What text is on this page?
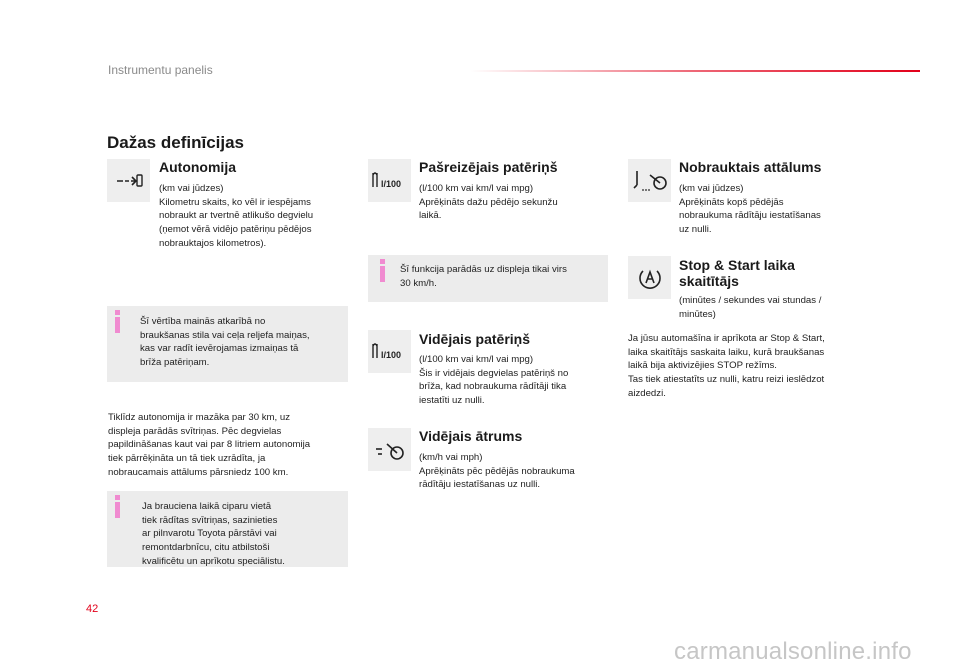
Instrumentu panelis
Dažas definīcijas
Autonomija
(km vai jūdzes)
Kilometru skaits, ko vēl ir iespējams
nobraukt ar tvertnē atlikušo degvielu
(ņemot vērā vidējo patēriņu pēdējos
nobrauktajos kilometros).
Šī vērtība mainās atkarībā no
braukšanas stila vai ceļa reljefa maiņas,
kas var radīt ievērojamas izmaiņas tā
brīža patēriņam.
Tiklīdz autonomija ir mazāka par 30 km, uz
displeja parādās svītriņas. Pēc degvielas
papildināšanas kaut vai par 8 litriem autonomija
tiek pārrēķināta un tā tiek uzrādīta, ja
nobraucamais attālums pārsniedz 100 km.
Ja brauciena laikā ciparu vietā
tiek rādītas svītriņas, sazinieties
ar pilnvarotu Toyota pārstāvi vai
remontdarbnīcu, citu atbilstoši
kvalificētu un aprīkotu speciālistu.
l/100
Pašreizējais patēriņš
(l/100 km vai km/l vai mpg)
Aprēķināts dažu pēdējo sekunžu
laikā.
Šī funkcija parādās uz displeja tikai virs
30 km/h.
l/100
Vidējais patēriņš
(l/100 km vai km/l vai mpg)
Šis ir vidējais degvielas patēriņš no
brīža, kad nobraukuma rādītāji tika
iestatīti uz nulli.
Vidējais ātrums
(km/h vai mph)
Aprēķināts pēc pēdējās nobraukuma
rādītāju iestatīšanas uz nulli.
Nobrauktais attālums
(km vai jūdzes)
Aprēķināts kopš pēdējās
nobraukuma rādītāju iestatīšanas
uz nulli.
Stop & Start laika
skaitītājs
(minūtes / sekundes vai stundas /
minūtes)
Ja jūsu automašīna ir aprīkota ar Stop & Start,
laika skaitītājs saskaita laiku, kurā braukšanas
laikā bija aktivizējies STOP režīms.
Tas tiek atiestatīts uz nulli, katru reizi ieslēdzot
aizdedzi.
42
carmanualsonline.info
